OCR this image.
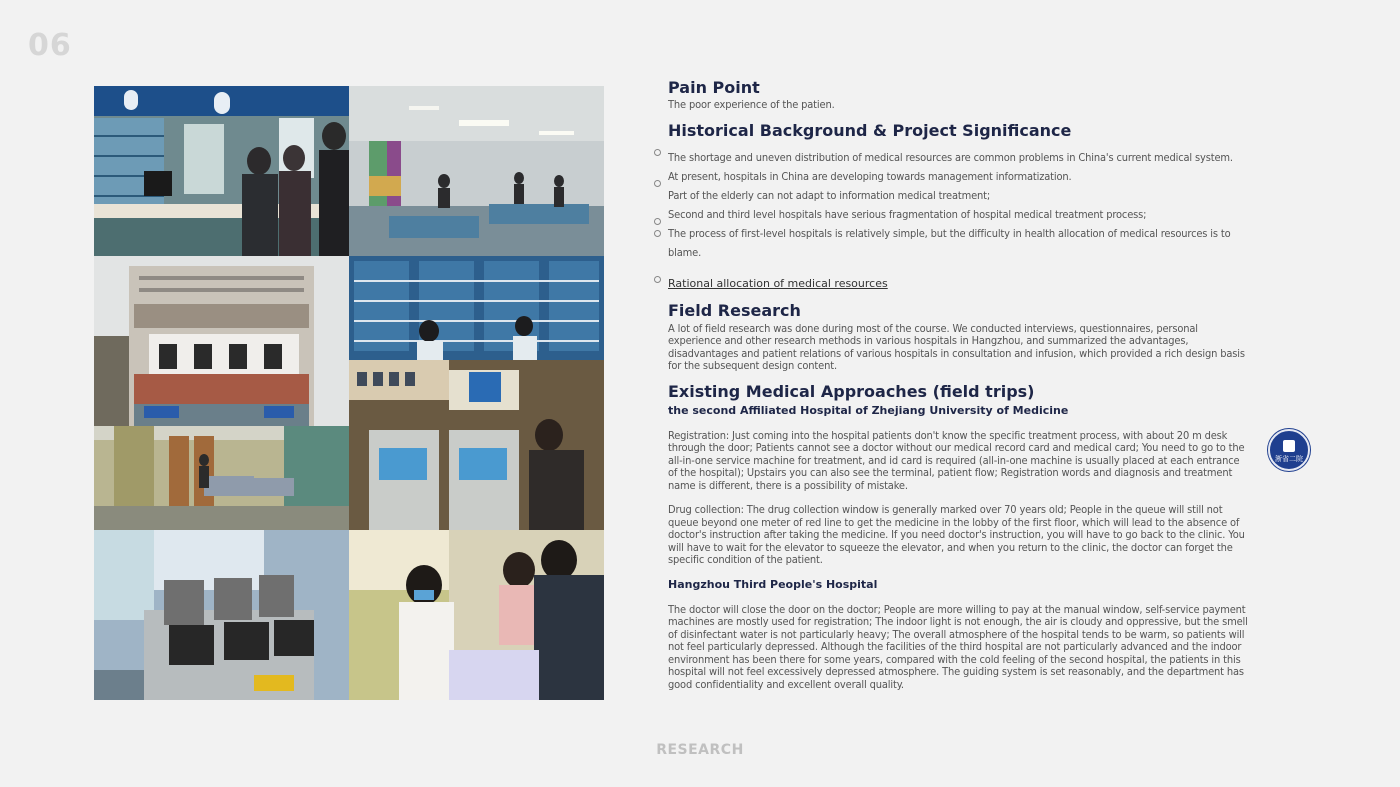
06
Pain Point

The poor experience of the patien.

Historical Background & Project Significance
The shortage and uneven distribution of medical resources are common problems in China's current medical system.
At present, hospitals in China are developing towards management informatization.
Part of the elderly can not adapt to information medical treatment;
Second and third level hospitals have serious fragmentation of hospital medical treatment process;
The process of first-level hospitals is relatively simple, but the difficulty in health allocation of medical resources is to blame.
Rational allocation of medical resources
Field Research

A lot of field research was done during most of the course. We conducted interviews, questionnaires, personal experience and other research methods in various hospitals in Hangzhou, and summarized the advantages, disadvantages and patient relations of various hospitals in consultation and infusion, which provided a rich design basis for the subsequent design content.

Existing Medical Approaches (field trips)
the second Affiliated Hospital of Zhejiang University of Medicine

Registration: Just coming into the hospital patients don't know the specific treatment process, with about 20 m desk through the door; Patients cannot see a doctor without our medical record card and medical card; You need to go to the all-in-one service machine for treatment, and id card is required (all-in-one machine is usually placed at each entrance of the hospital); Upstairs you can also see the terminal, patient flow; Registration words and diagnosis and treatment name is different, there is a possibility of mistake.

Drug collection: The drug collection window is generally marked over 70 years old; People in the queue will still not queue beyond one meter of red line to get the medicine in the lobby of the first floor, which will lead to the absence of doctor's instruction after taking the medicine. If you need doctor's instruction, you will have to go back to the clinic. You will have to wait for the elevator to squeeze the elevator, and when you return to the clinic, the doctor can forget the specific condition of the patient.

Hangzhou Third People's Hospital

The doctor will close the door on the doctor; People are more willing to pay at the manual window, self-service payment machines are mostly used for registration; The indoor light is not enough, the air is cloudy and oppressive, but the smell of disinfectant water is not particularly heavy; The overall atmosphere of the hospital tends to be warm, so patients will not feel particularly depressed. Although the facilities of the third hospital are not particularly advanced and the indoor environment has been there for some years, compared with the cold feeling of the second hospital, the patients in this hospital will not feel excessively depressed atmosphere. The guiding system is set reasonably, and the department has good confidentiality and excellent overall quality.

淅省二院
RESEARCH
